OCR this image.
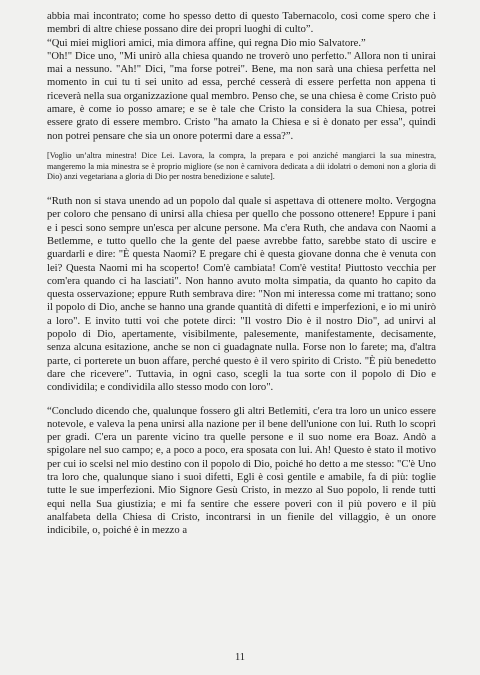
abbia mai incontrato; come ho spesso detto di questo Tabernacolo, così come spero che i membri di altre chiese possano dire dei propri luoghi di culto”.

“Qui miei migliori amici, mia dimora affine, qui regna Dio mio Salvatore.”

"Oh!" Dice uno, "Mi unirò alla chiesa quando ne troverò uno perfetto." Allora non ti unirai mai a nessuno. "Ah!" Dici, "ma forse potrei". Bene, ma non sarà una chiesa perfetta nel momento in cui tu ti sei unito ad essa, perché cesserà di essere perfetta non appena ti riceverà nella sua organizzazione qual membro. Penso che, se una chiesa è come Cristo può amare, è come io posso amare; e se è tale che Cristo la considera la sua Chiesa, potrei essere grato di essere membro. Cristo "ha amato la Chiesa e si è donato per essa", quindi non potrei pensare che sia un onore potermi dare a essa?”.

[Voglio un’altra minestra! Dice Lei. Lavora, la compra, la prepara e poi anziché mangiarci la sua minestra, mangeremo la mia minestra se è proprio migliore (se non è carnivora dedicata a dii idolatri o demoni non a gloria di Dio) anzi vegetariana a gloria di Dio per nostra benedizione e salute].

“Ruth non si stava unendo ad un popolo dal quale si aspettava di ottenere molto. Vergogna per coloro che pensano di unirsi alla chiesa per quello che possono ottenere! Eppure i pani e i pesci sono sempre un'esca per alcune persone. Ma c'era Ruth, che andava con Naomi a Betlemme, e tutto quello che la gente del paese avrebbe fatto, sarebbe stato di uscire e guardarli e dire: "È questa Naomi? E pregare chi è questa giovane donna che è venuta con lei? Questa Naomi mi ha scoperto! Com'è cambiata! Com'è vestita! Piuttosto vecchia per com'era quando ci ha lasciati". Non hanno avuto molta simpatia, da quanto ho capito da questa osservazione; eppure Ruth sembrava dire: "Non mi interessa come mi trattano; sono il popolo di Dio, anche se hanno una grande quantità di difetti e imperfezioni, e io mi unirò a loro". E invito tutti voi che potete dirci: "Il vostro Dio è il nostro Dio", ad unirvi al popolo di Dio, apertamente, visibilmente, palesemente, manifestamente, decisamente, senza alcuna esitazione, anche se non ci guadagnate nulla. Forse non lo farete; ma, d'altra parte, ci porterete un buon affare, perché questo è il vero spirito di Cristo. "È più benedetto dare che ricevere". Tuttavia, in ogni caso, scegli la tua sorte con il popolo di Dio e condividila; e condividila allo stesso modo con loro".

“Concludo dicendo che, qualunque fossero gli altri Betlemiti, c'era tra loro un unico essere notevole, e valeva la pena unirsi alla nazione per il bene dell'unione con lui. Ruth lo scoprì per gradi. C'era un parente vicino tra quelle persone e il suo nome era Boaz. Andò a spigolare nel suo campo; e, a poco a poco, era sposata con lui. Ah! Questo è stato il motivo per cui io scelsi nel mio destino con il popolo di Dio, poiché ho detto a me stesso: "C'è Uno tra loro che, qualunque siano i suoi difetti, Egli è così gentile e amabile, fa di più: toglie tutte le sue imperfezioni. Mio Signore Gesù Cristo, in mezzo al Suo popolo, li rende tutti equi nella Sua giustizia; e mi fa sentire che essere poveri con il più povero e il più analfabeta della Chiesa di Cristo, incontrarsi in un fienile del villaggio, è un onore indicibile, o, poiché è in mezzo a

11
